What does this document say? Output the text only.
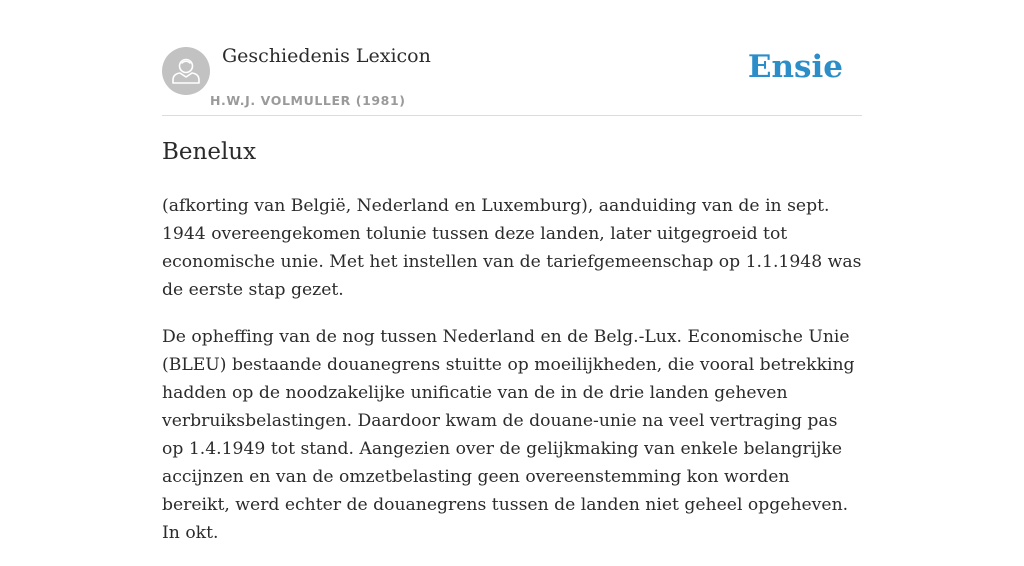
Geschiedenis Lexicon
H.W.J. VOLMULLER (1981)
Ensie
Benelux

(afkorting van België, Nederland en Luxemburg), aanduiding van de in sept. 1944 overeengekomen tolunie tussen deze landen, later uitgegroeid tot economische unie. Met het instellen van de tariefgemeenschap op 1.1.1948 was de eerste stap gezet.

De opheffing van de nog tussen Nederland en de Belg.-Lux. Economische Unie (BLEU) bestaande douanegrens stuitte op moeilijkheden, die vooral betrekking hadden op de noodzakelijke unificatie van de in de drie landen geheven verbruiksbelastingen. Daardoor kwam de douane-unie na veel vertraging pas op 1.4.1949 tot stand. Aangezien over de gelijkmaking van enkele belangrijke accijnzen en van de omzetbelasting geen overeenstemming kon worden bereikt, werd echter de douanegrens tussen de landen niet geheel opgeheven. In okt.
